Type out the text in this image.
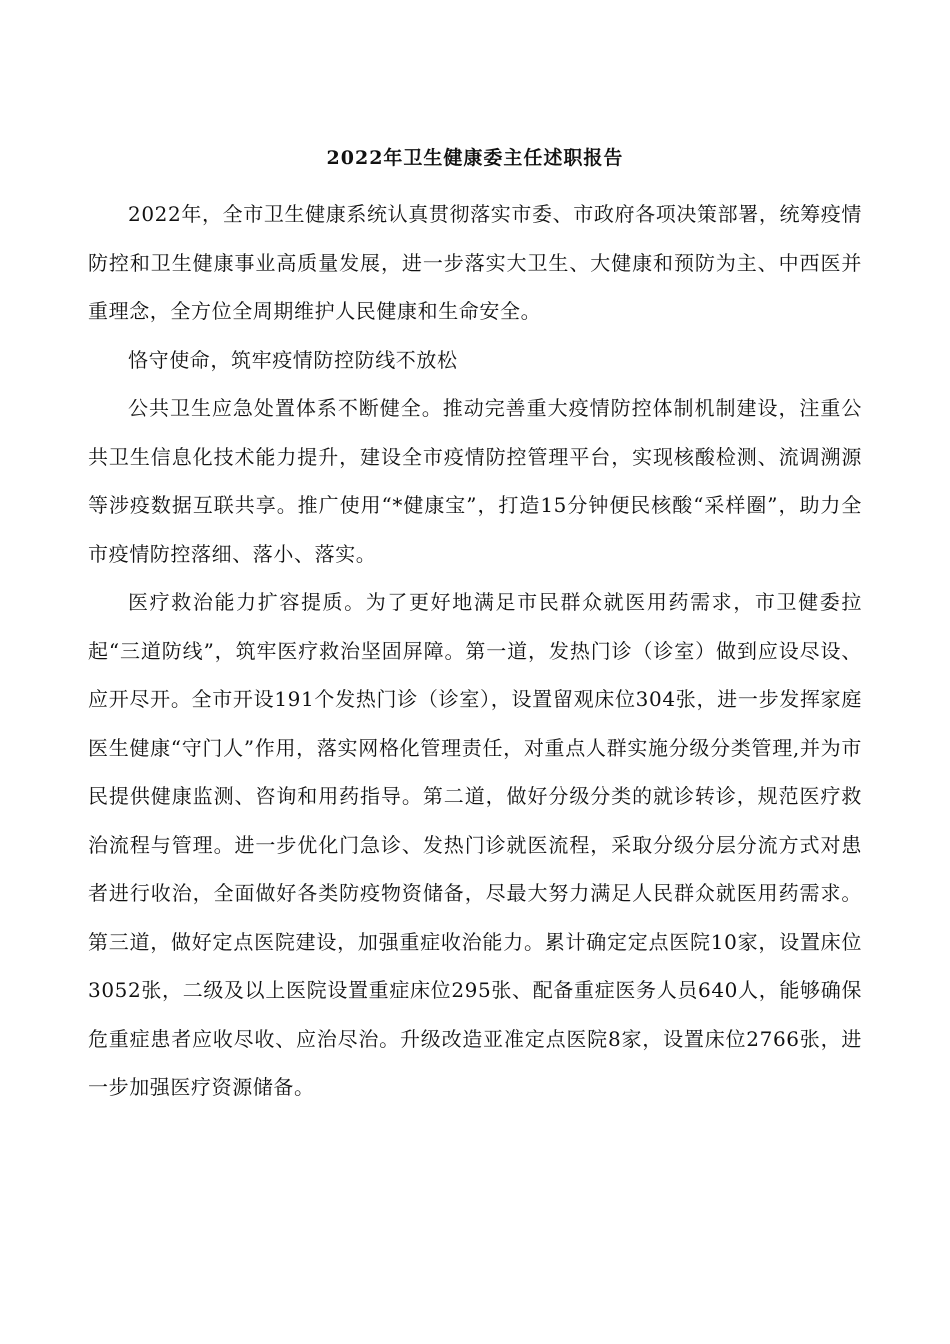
2022年卫生健康委主任述职报告

2022年，全市卫生健康系统认真贯彻落实市委、市政府各项决策部署，统筹疫情防控和卫生健康事业高质量发展，进一步落实大卫生、大健康和预防为主、中西医并重理念，全方位全周期维护人民健康和生命安全。

恪守使命，筑牢疫情防控防线不放松

公共卫生应急处置体系不断健全。推动完善重大疫情防控体制机制建设，注重公共卫生信息化技术能力提升，建设全市疫情防控管理平台，实现核酸检测、流调溯源等涉疫数据互联共享。推广使用“*健康宝”，打造15分钟便民核酸“采样圈”，助力全市疫情防控落细、落小、落实。

医疗救治能力扩容提质。为了更好地满足市民群众就医用药需求，市卫健委拉起“三道防线”，筑牢医疗救治坚固屏障。第一道，发热门诊（诊室）做到应设尽设、应开尽开。全市开设191个发热门诊（诊室），设置留观床位304张，进一步发挥家庭医生健康“守门人”作用，落实网格化管理责任，对重点人群实施分级分类管理,并为市民提供健康监测、咨询和用药指导。第二道，做好分级分类的就诊转诊，规范医疗救治流程与管理。进一步优化门急诊、发热门诊就医流程，采取分级分层分流方式对患者进行收治，全面做好各类防疫物资储备，尽最大努力满足人民群众就医用药需求。第三道，做好定点医院建设，加强重症收治能力。累计确定定点医院10家，设置床位3052张，二级及以上医院设置重症床位295张、配备重症医务人员640人，能够确保危重症患者应收尽收、应治尽治。升级改造亚准定点医院8家，设置床位2766张，进一步加强医疗资源储备。
